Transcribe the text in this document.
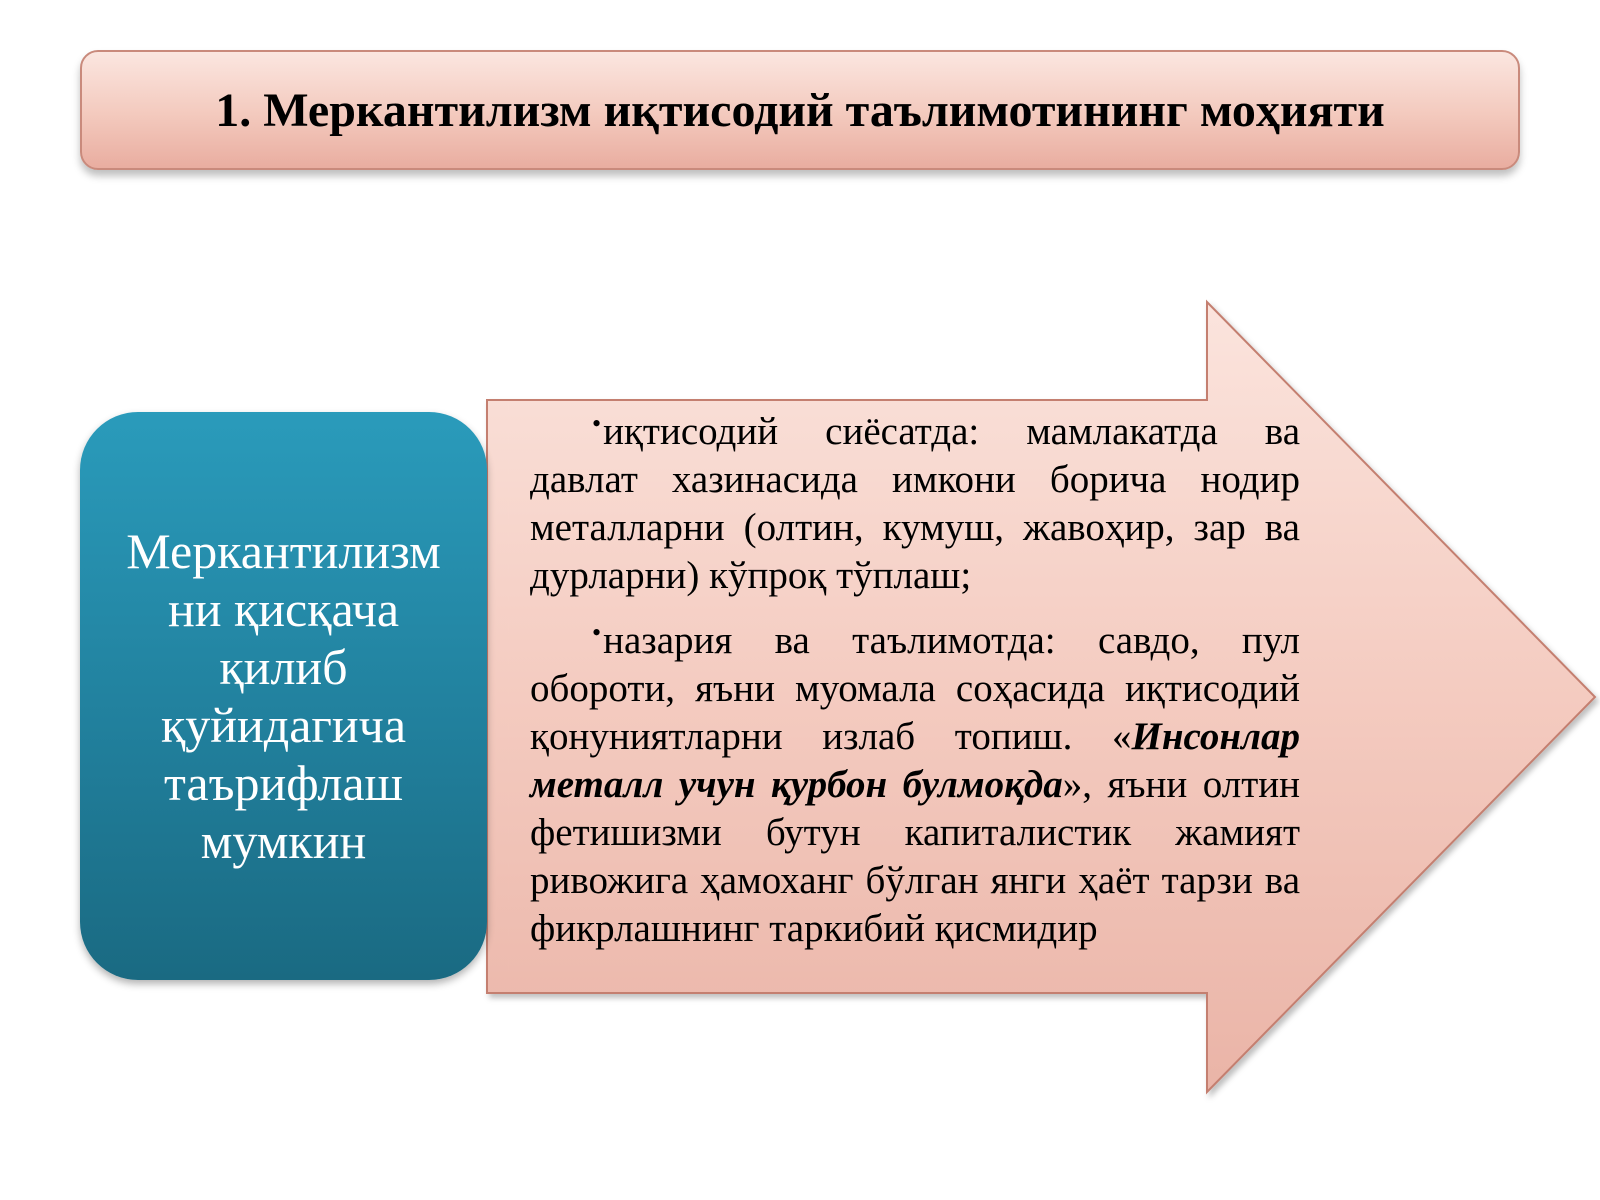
1. Меркантилизм иқтисодий таълимотининг моҳияти
Меркантилизм
ни қисқача
қилиб
қуйидагича
таърифлаш
мумкин

•иқтисодий сиёсатда: мамлакатда ва давлат хазинасида имкони борича нодир металларни (олтин, кумуш, жавоҳир, зар ва дурларни) кўпроқ тўплаш;

•назария ва таълимотда: савдо, пул обороти, яъни муомала соҳасида иқтисодий қонуниятларни излаб топиш. «Инсонлар металл учун қурбон булмоқда», яъни олтин фетишизми бутун капиталистик жамият ривожига ҳамоханг бўлган янги ҳаёт тарзи ва фикрлашнинг таркибий қисмидир
